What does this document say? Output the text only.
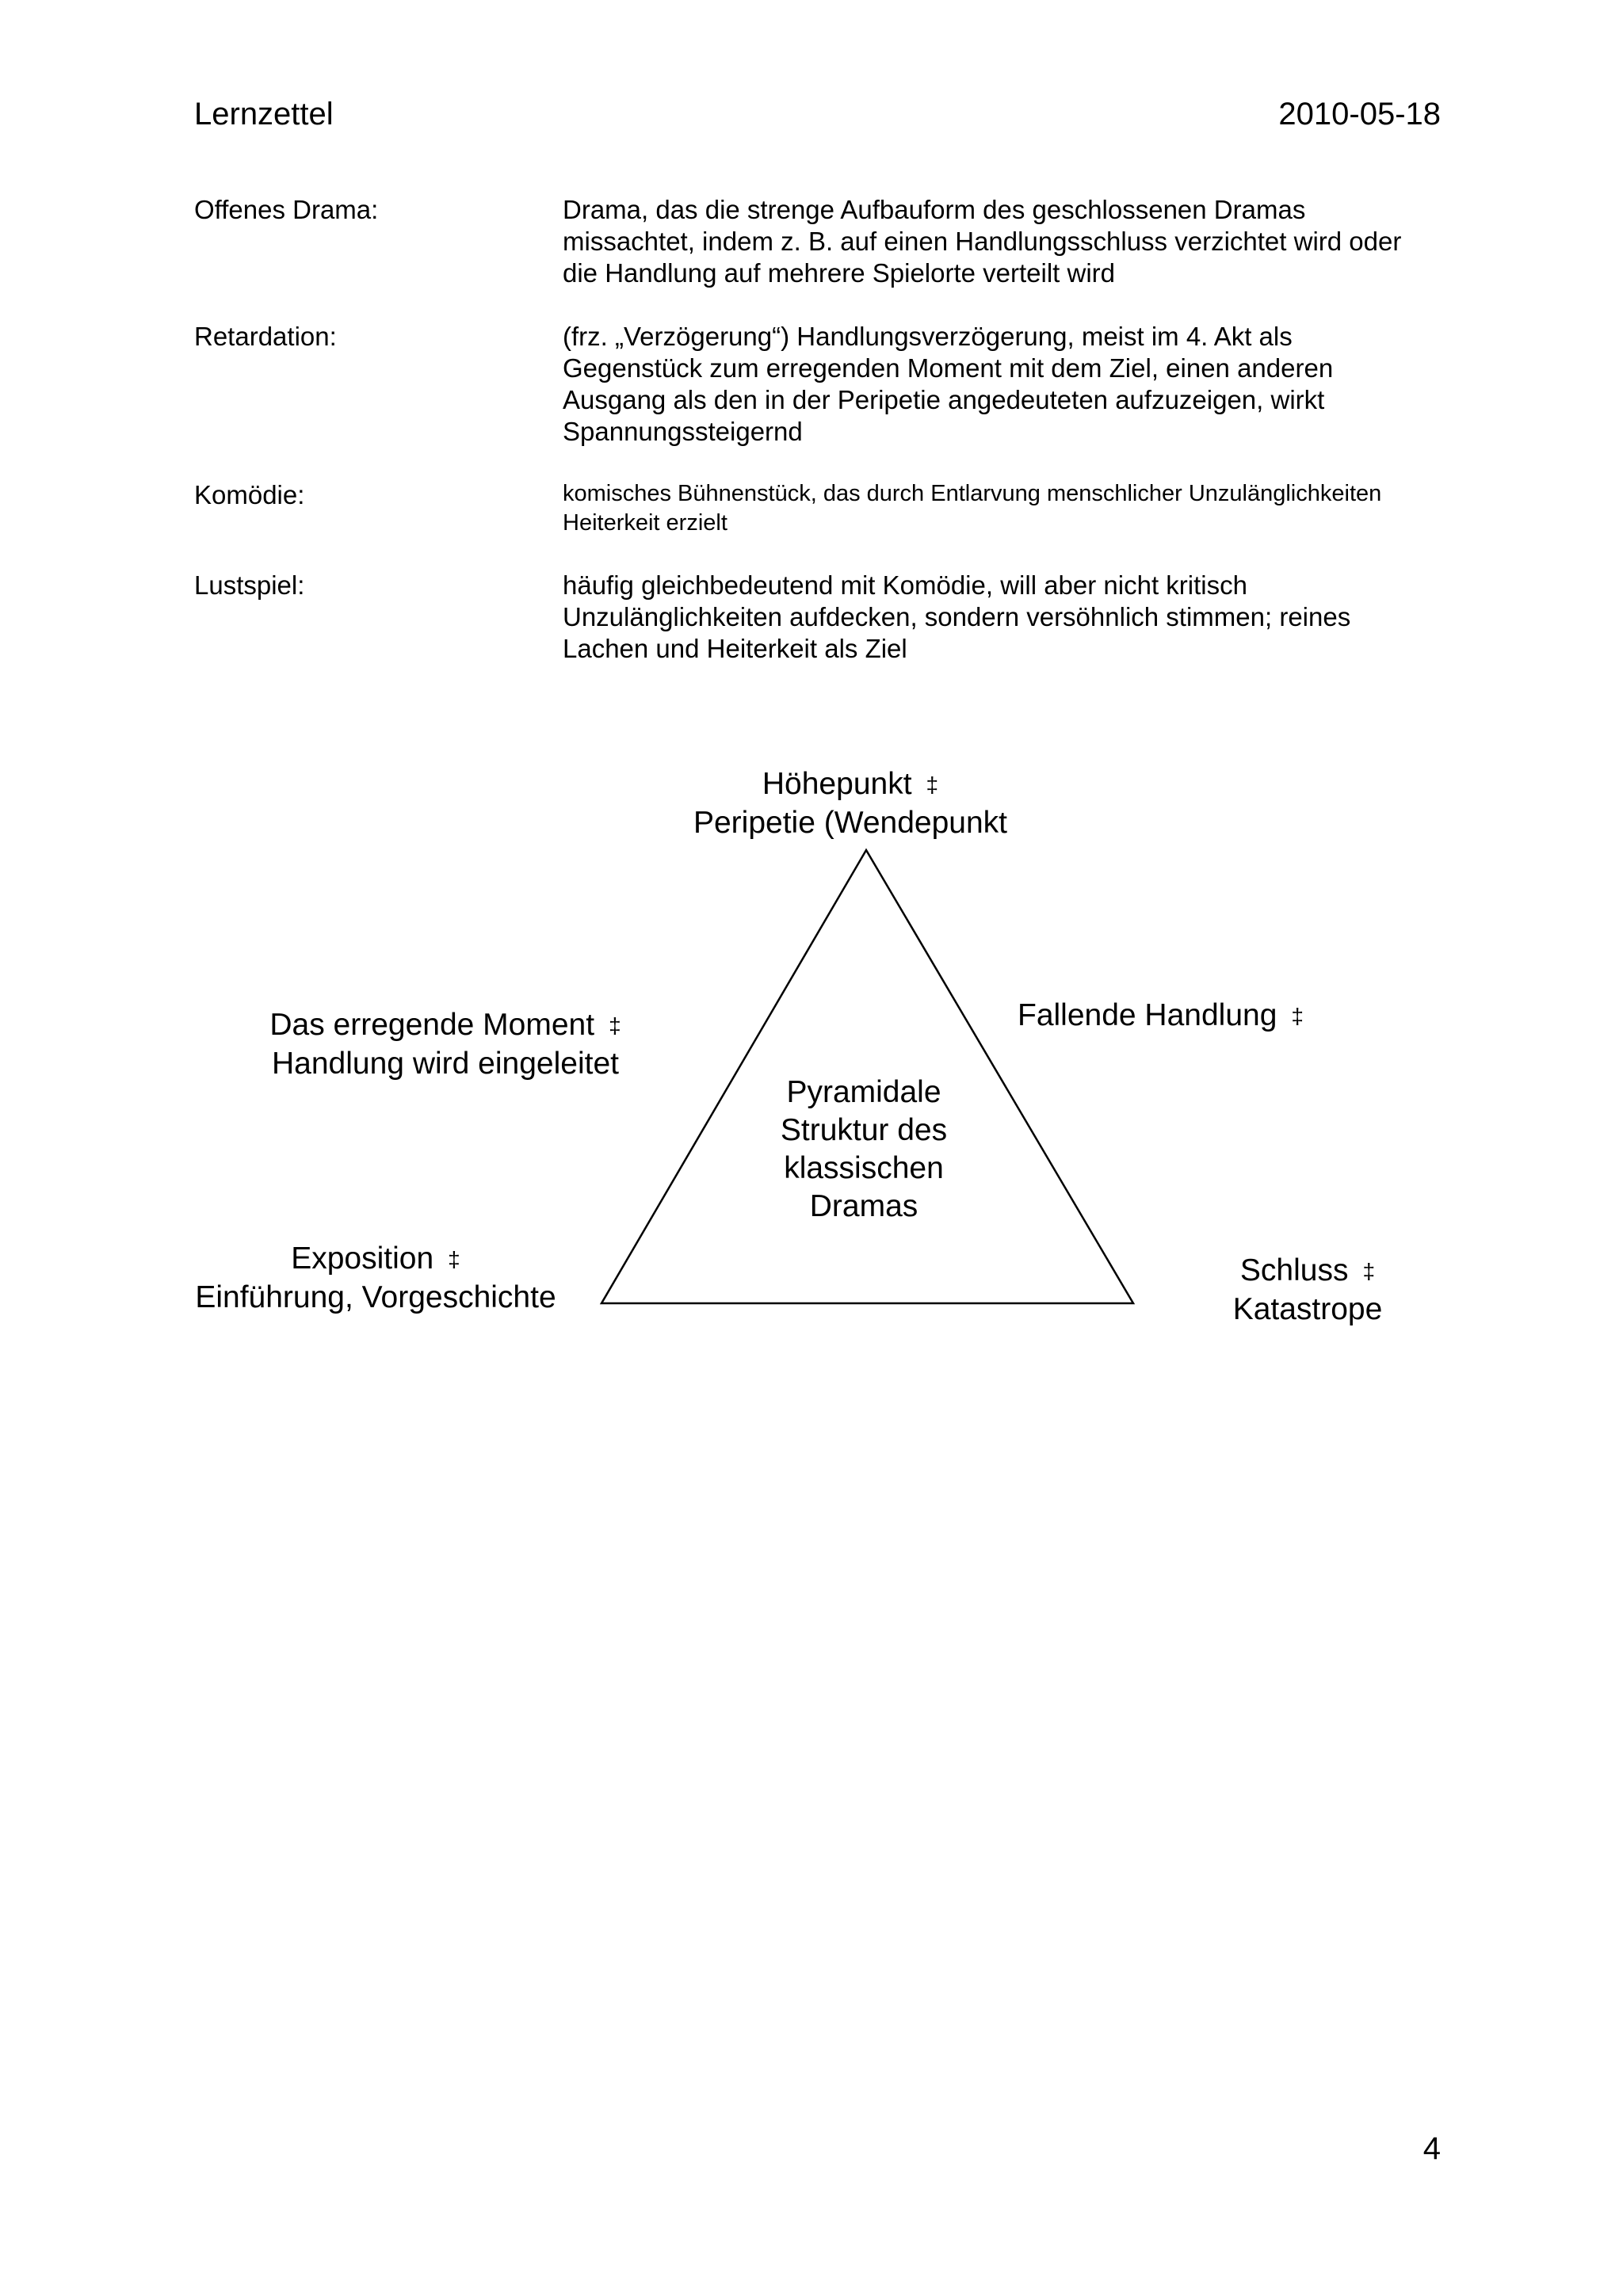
Lernzettel	2010-05-18
Offenes Drama:	Drama, das die strenge Aufbauform des geschlossenen Dramas missachtet, indem z. B. auf einen Handlungsschluss verzichtet wird oder die Handlung auf mehrere Spielorte verteilt wird
Retardation:	(frz. „Verzögerung“) Handlungsverzögerung, meist im 4. Akt als Gegenstück zum erregenden Moment mit dem Ziel, einen anderen Ausgang als den in der Peripetie angedeuteten aufzuzeigen, wirkt Spannungssteigernd
Komödie:	komisches Bühnenstück, das durch Entlarvung menschlicher Unzulänglichkeiten Heiterkeit erzielt
Lustspiel:	häufig gleichbedeutend mit Komödie, will aber nicht kritisch Unzulänglichkeiten aufdecken, sondern versöhnlich stimmen; reines Lachen und Heiterkeit als Ziel
Pyramidale
Struktur des
klassischen
Dramas
Höhepunkt ‡
Peripetie (Wendepunkt
Das erregende Moment ‡
Handlung wird eingeleitet
Fallende Handlung ‡
Exposition ‡
Einführung, Vorgeschichte
Schluss ‡
Katastrope
4
